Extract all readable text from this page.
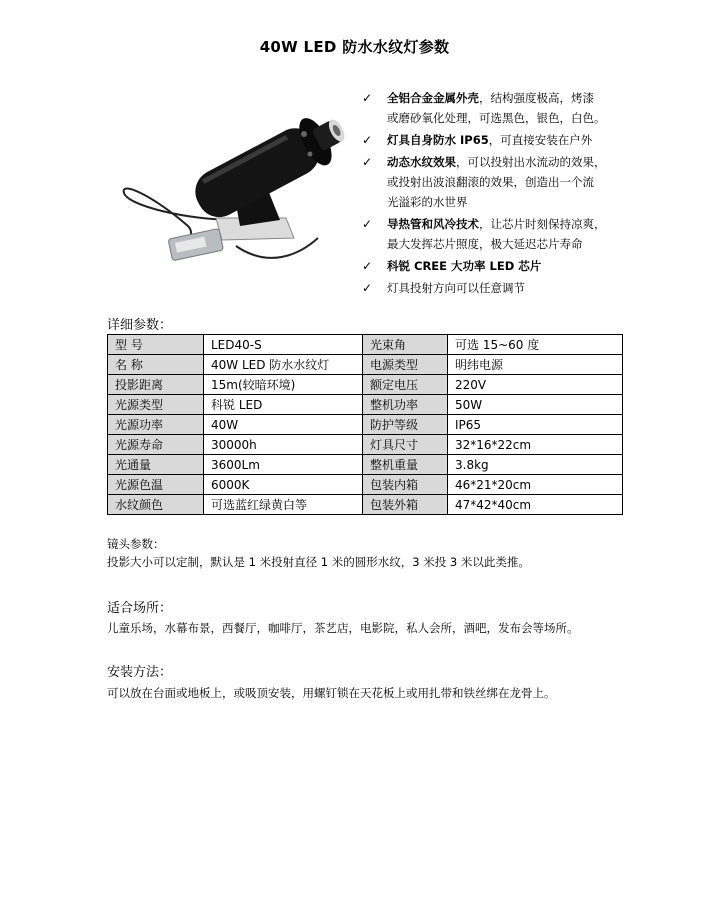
40W LED 防水水纹灯参数
✓ 全铝合金金属外壳，结构强度极高，烤漆
或磨砂氧化处理，可选黑色，银色，白色。
✓ 灯具自身防水 IP65，可直接安装在户外
✓ 动态水纹效果，可以投射出水流动的效果，
或投射出波浪翻滚的效果，创造出一个流
光溢彩的水世界
✓ 导热管和风冷技术，让芯片时刻保持凉爽，
最大发挥芯片照度，极大延迟芯片寿命
✓ 科锐 CREE 大功率 LED 芯片
✓ 灯具投射方向可以任意调节
详细参数：
型 号	LED40-S	光束角	可选 15~60 度
名 称	40W LED 防水水纹灯	电源类型	明纬电源
投影距离	15m(较暗环境)	额定电压	220V
光源类型	科锐 LED	整机功率	50W
光源功率	40W	防护等级	IP65
光源寿命	30000h	灯具尺寸	32*16*22cm
光通量	3600Lm	整机重量	3.8kg
光源色温	6000K	包装内箱	46*21*20cm
水纹颜色	可选蓝红绿黄白等	包装外箱	47*42*40cm
镜头参数：
投影大小可以定制，默认是 1 米投射直径 1 米的圆形水纹，3 米投 3 米以此类推。
适合场所：
儿童乐场，水幕布景，西餐厅，咖啡厅，茶艺店，电影院，私人会所，酒吧，发布会等场所。
安装方法：
可以放在台面或地板上，或吸顶安装，用螺钉锁在天花板上或用扎带和铁丝绑在龙骨上。
